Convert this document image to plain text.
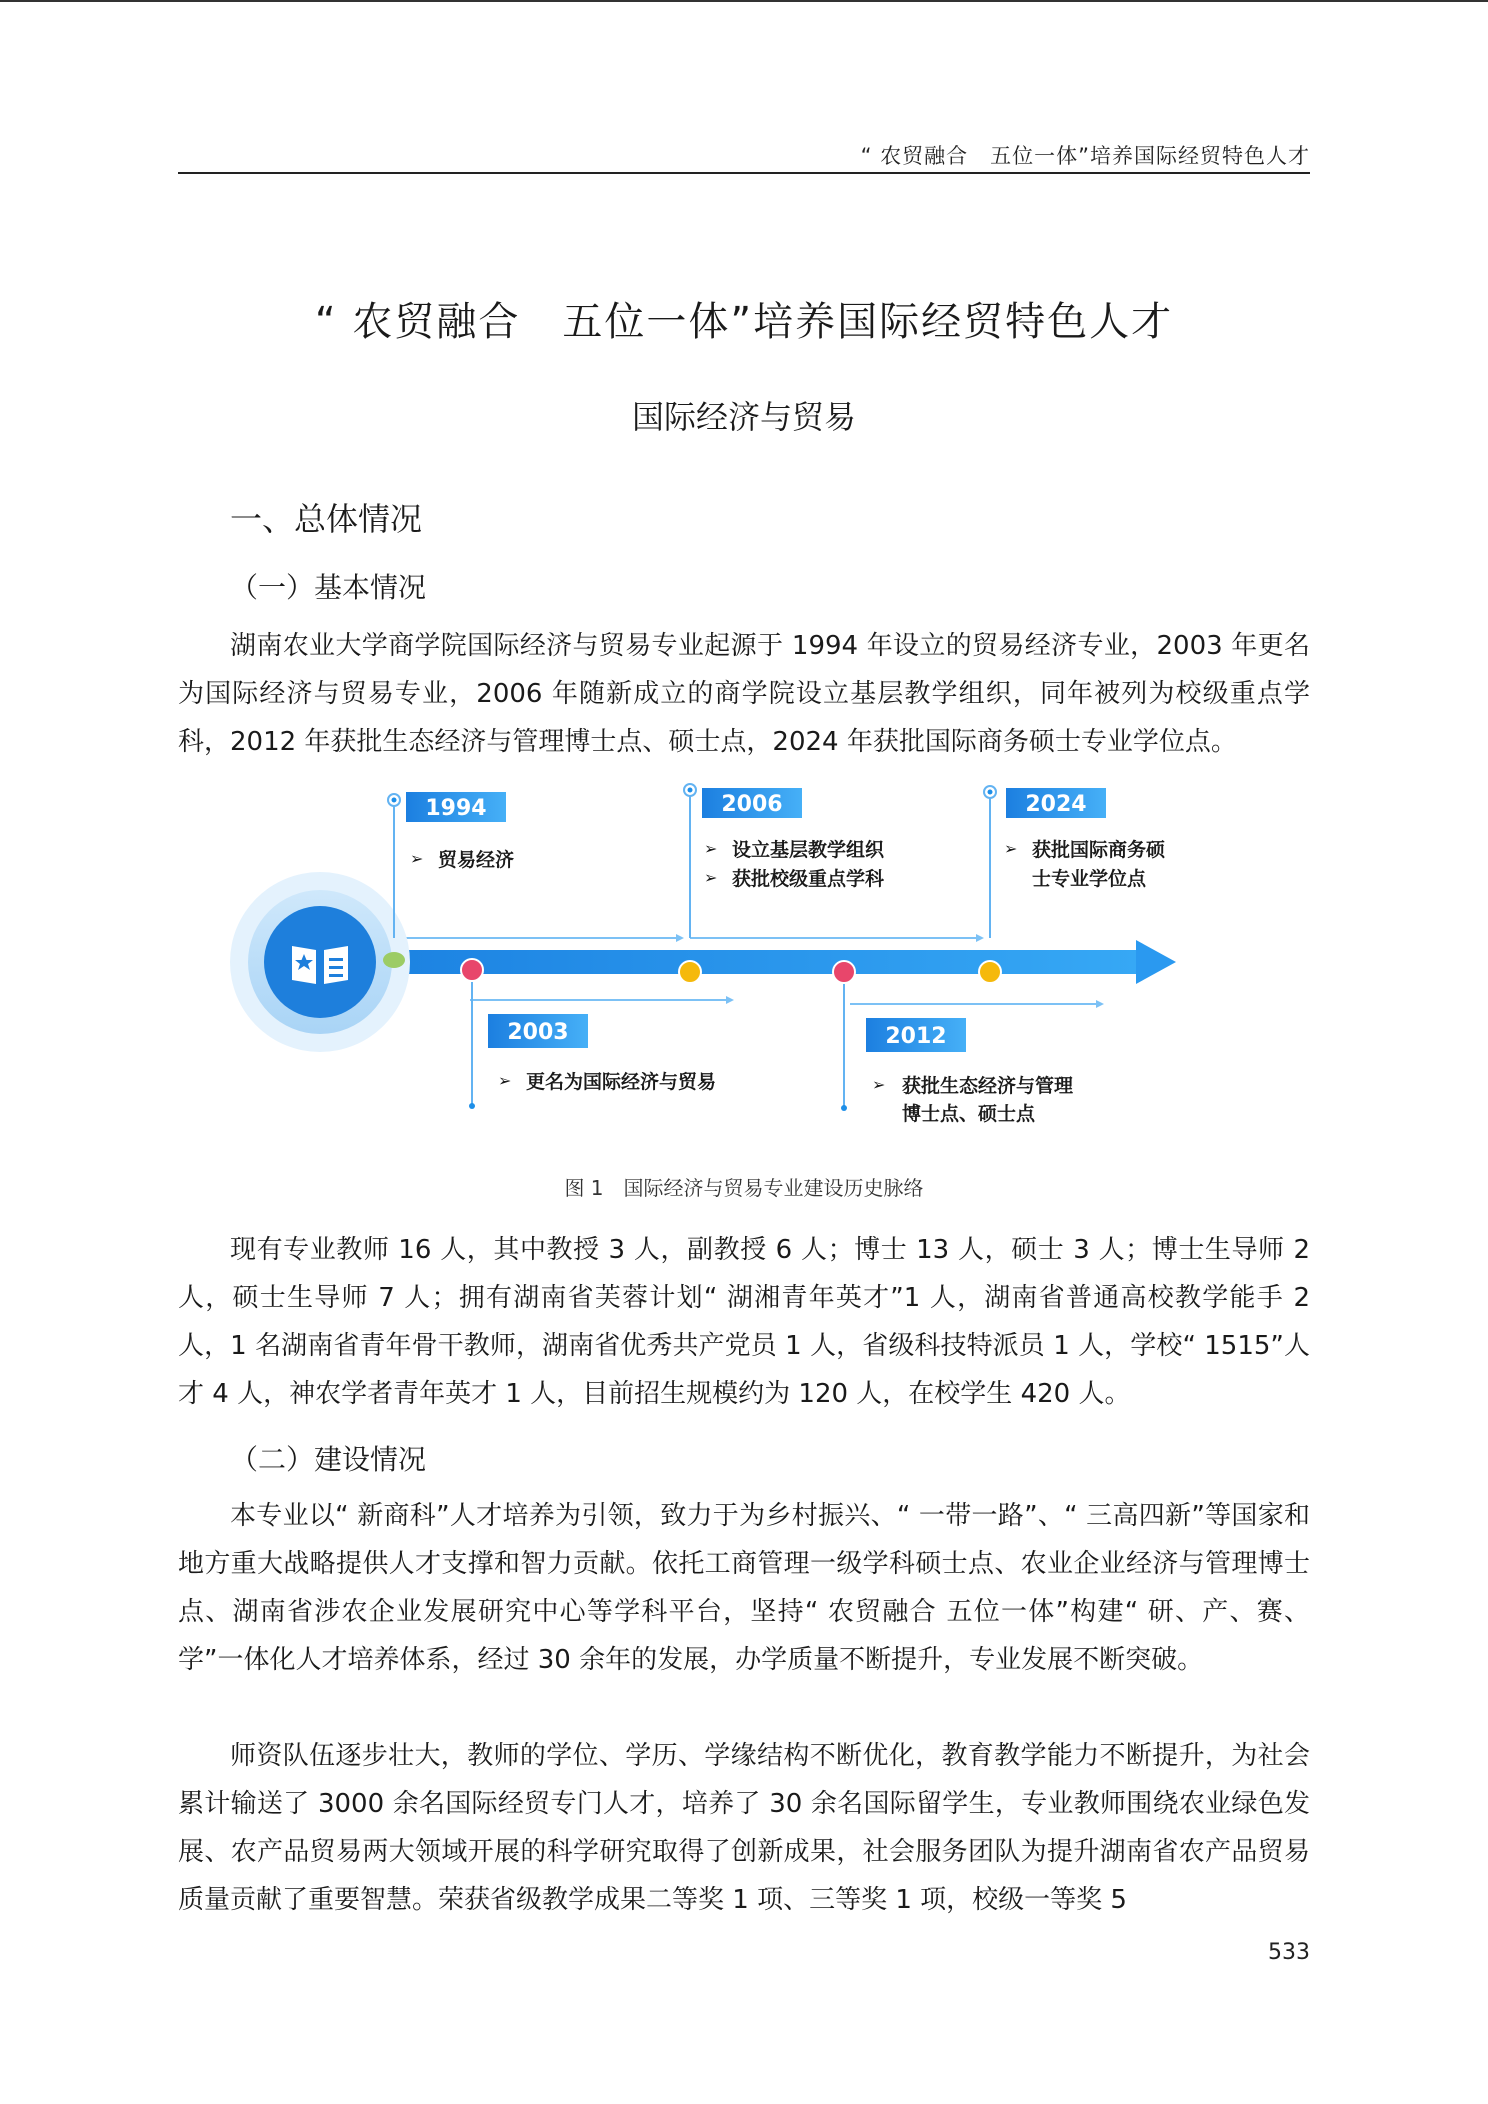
“ 农贸融合　五位一体”培养国际经贸特色人才
“ 农贸融合　五位一体”培养国际经贸特色人才
国际经济与贸易
一、总体情况
（一）基本情况

湖南农业大学商学院国际经济与贸易专业起源于 1994 年设立的贸易经济专业，2003 年更名为国际经济与贸易专业，2006 年随新成立的商学院设立基层教学组织，同年被列为校级重点学科，2012 年获批生态经济与管理博士点、硕士点，2024 年获批国际商务硕士专业学位点。

1994
➢ 贸易经济
2003
➢ 更名为国际经济与贸易
2006
➢ 设立基层教学组织
➢ 获批校级重点学科
2012
➢ 获批生态经济与管理
博士点、硕士点
2024
➢ 获批国际商务硕
士专业学位点
图 1　国际经济与贸易专业建设历史脉络

现有专业教师 16 人，其中教授 3 人，副教授 6 人；博士 13 人，硕士 3 人；博士生导师 2 人，硕士生导师 7 人；拥有湖南省芙蓉计划“ 湖湘青年英才”1 人，湖南省普通高校教学能手 2 人，1 名湖南省青年骨干教师，湖南省优秀共产党员 1 人，省级科技特派员 1 人，学校“ 1515”人才 4 人，神农学者青年英才 1 人，目前招生规模约为 120 人，在校学生 420 人。

（二）建设情况

本专业以“ 新商科”人才培养为引领，致力于为乡村振兴、“ 一带一路”、“ 三高四新”等国家和地方重大战略提供人才支撑和智力贡献。依托工商管理一级学科硕士点、农业企业经济与管理博士点、湖南省涉农企业发展研究中心等学科平台，坚持“ 农贸融合 五位一体”构建“ 研、产、赛、学”一体化人才培养体系，经过 30 余年的发展，办学质量不断提升，专业发展不断突破。

师资队伍逐步壮大，教师的学位、学历、学缘结构不断优化，教育教学能力不断提升，为社会累计输送了 3000 余名国际经贸专门人才，培养了 30 余名国际留学生，专业教师围绕农业绿色发展、农产品贸易两大领域开展的科学研究取得了创新成果，社会服务团队为提升湖南省农产品贸易质量贡献了重要智慧。荣获省级教学成果二等奖 1 项、三等奖 1 项，校级一等奖 5

533
